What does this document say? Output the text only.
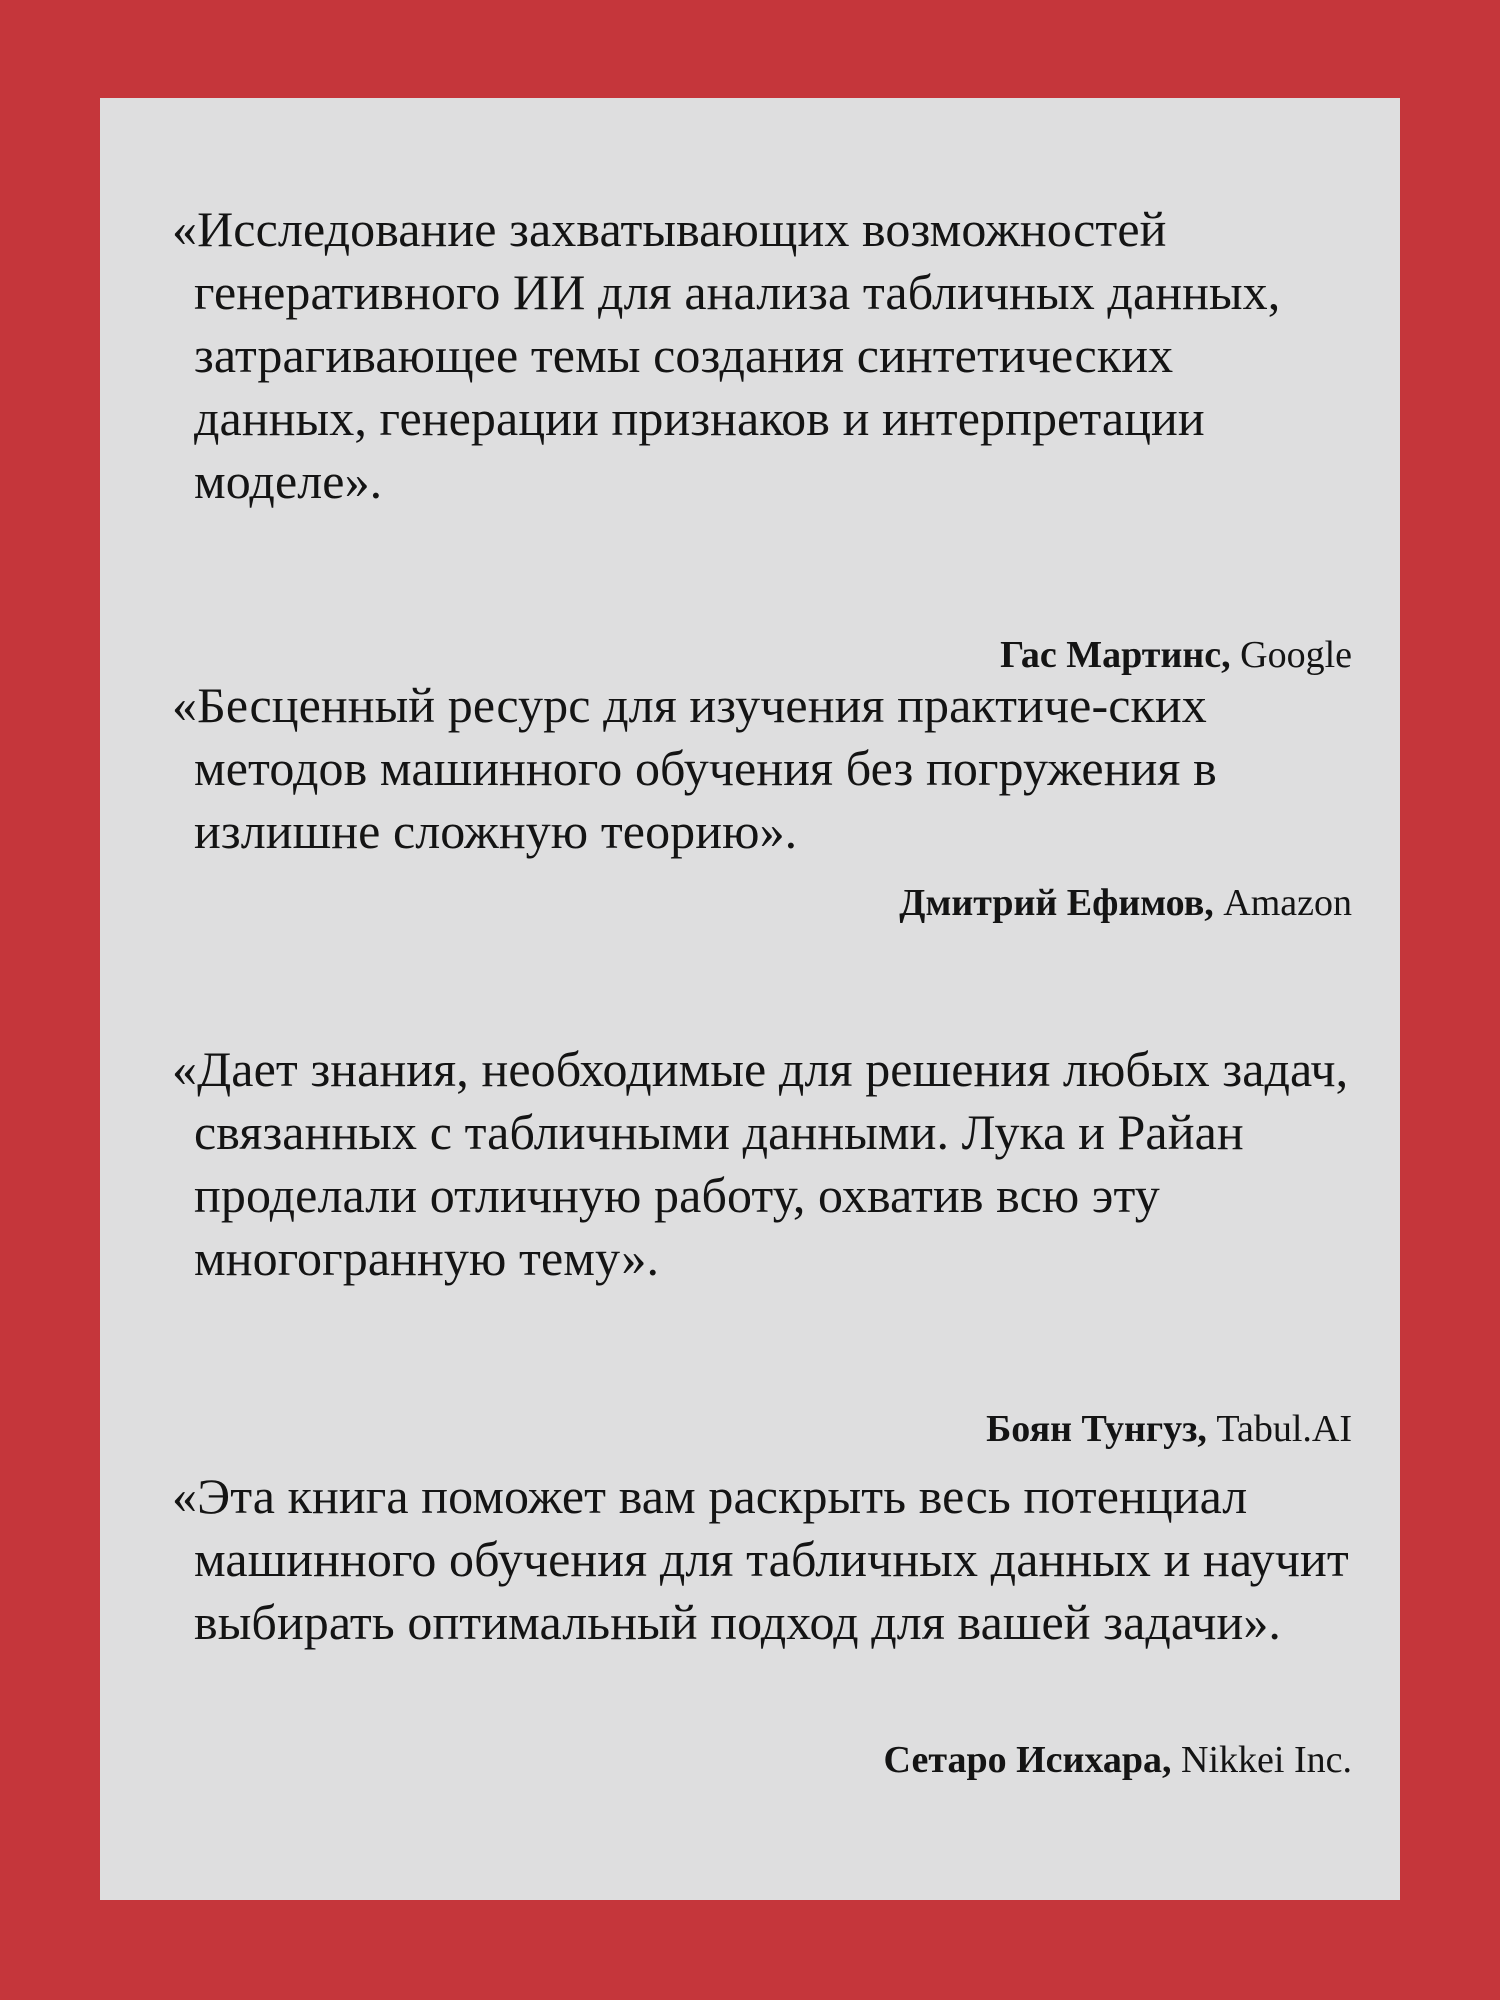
«Исследование захватывающих возможностей генеративного ИИ для анализа табличных данных, затрагивающее темы создания синтетических данных, генерации признаков и интерпретации моделе».

Гас Мартинс, Google

«Бесценный ресурс для изучения практиче-ских методов машинного обучения без погружения в излишне сложную теорию».

Дмитрий Ефимов, Amazon

«Дает знания, необходимые для решения любых задач, связанных с табличными данными. Лука и Райан проделали отличную работу, охватив всю эту многогранную тему».

Боян Тунгуз, Tabul.AI

«Эта книга поможет вам раскрыть весь потенциал машинного обучения для табличных данных и научит выбирать оптимальный подход для вашей задачи».

Сетаро Исихара, Nikkei Inc.
